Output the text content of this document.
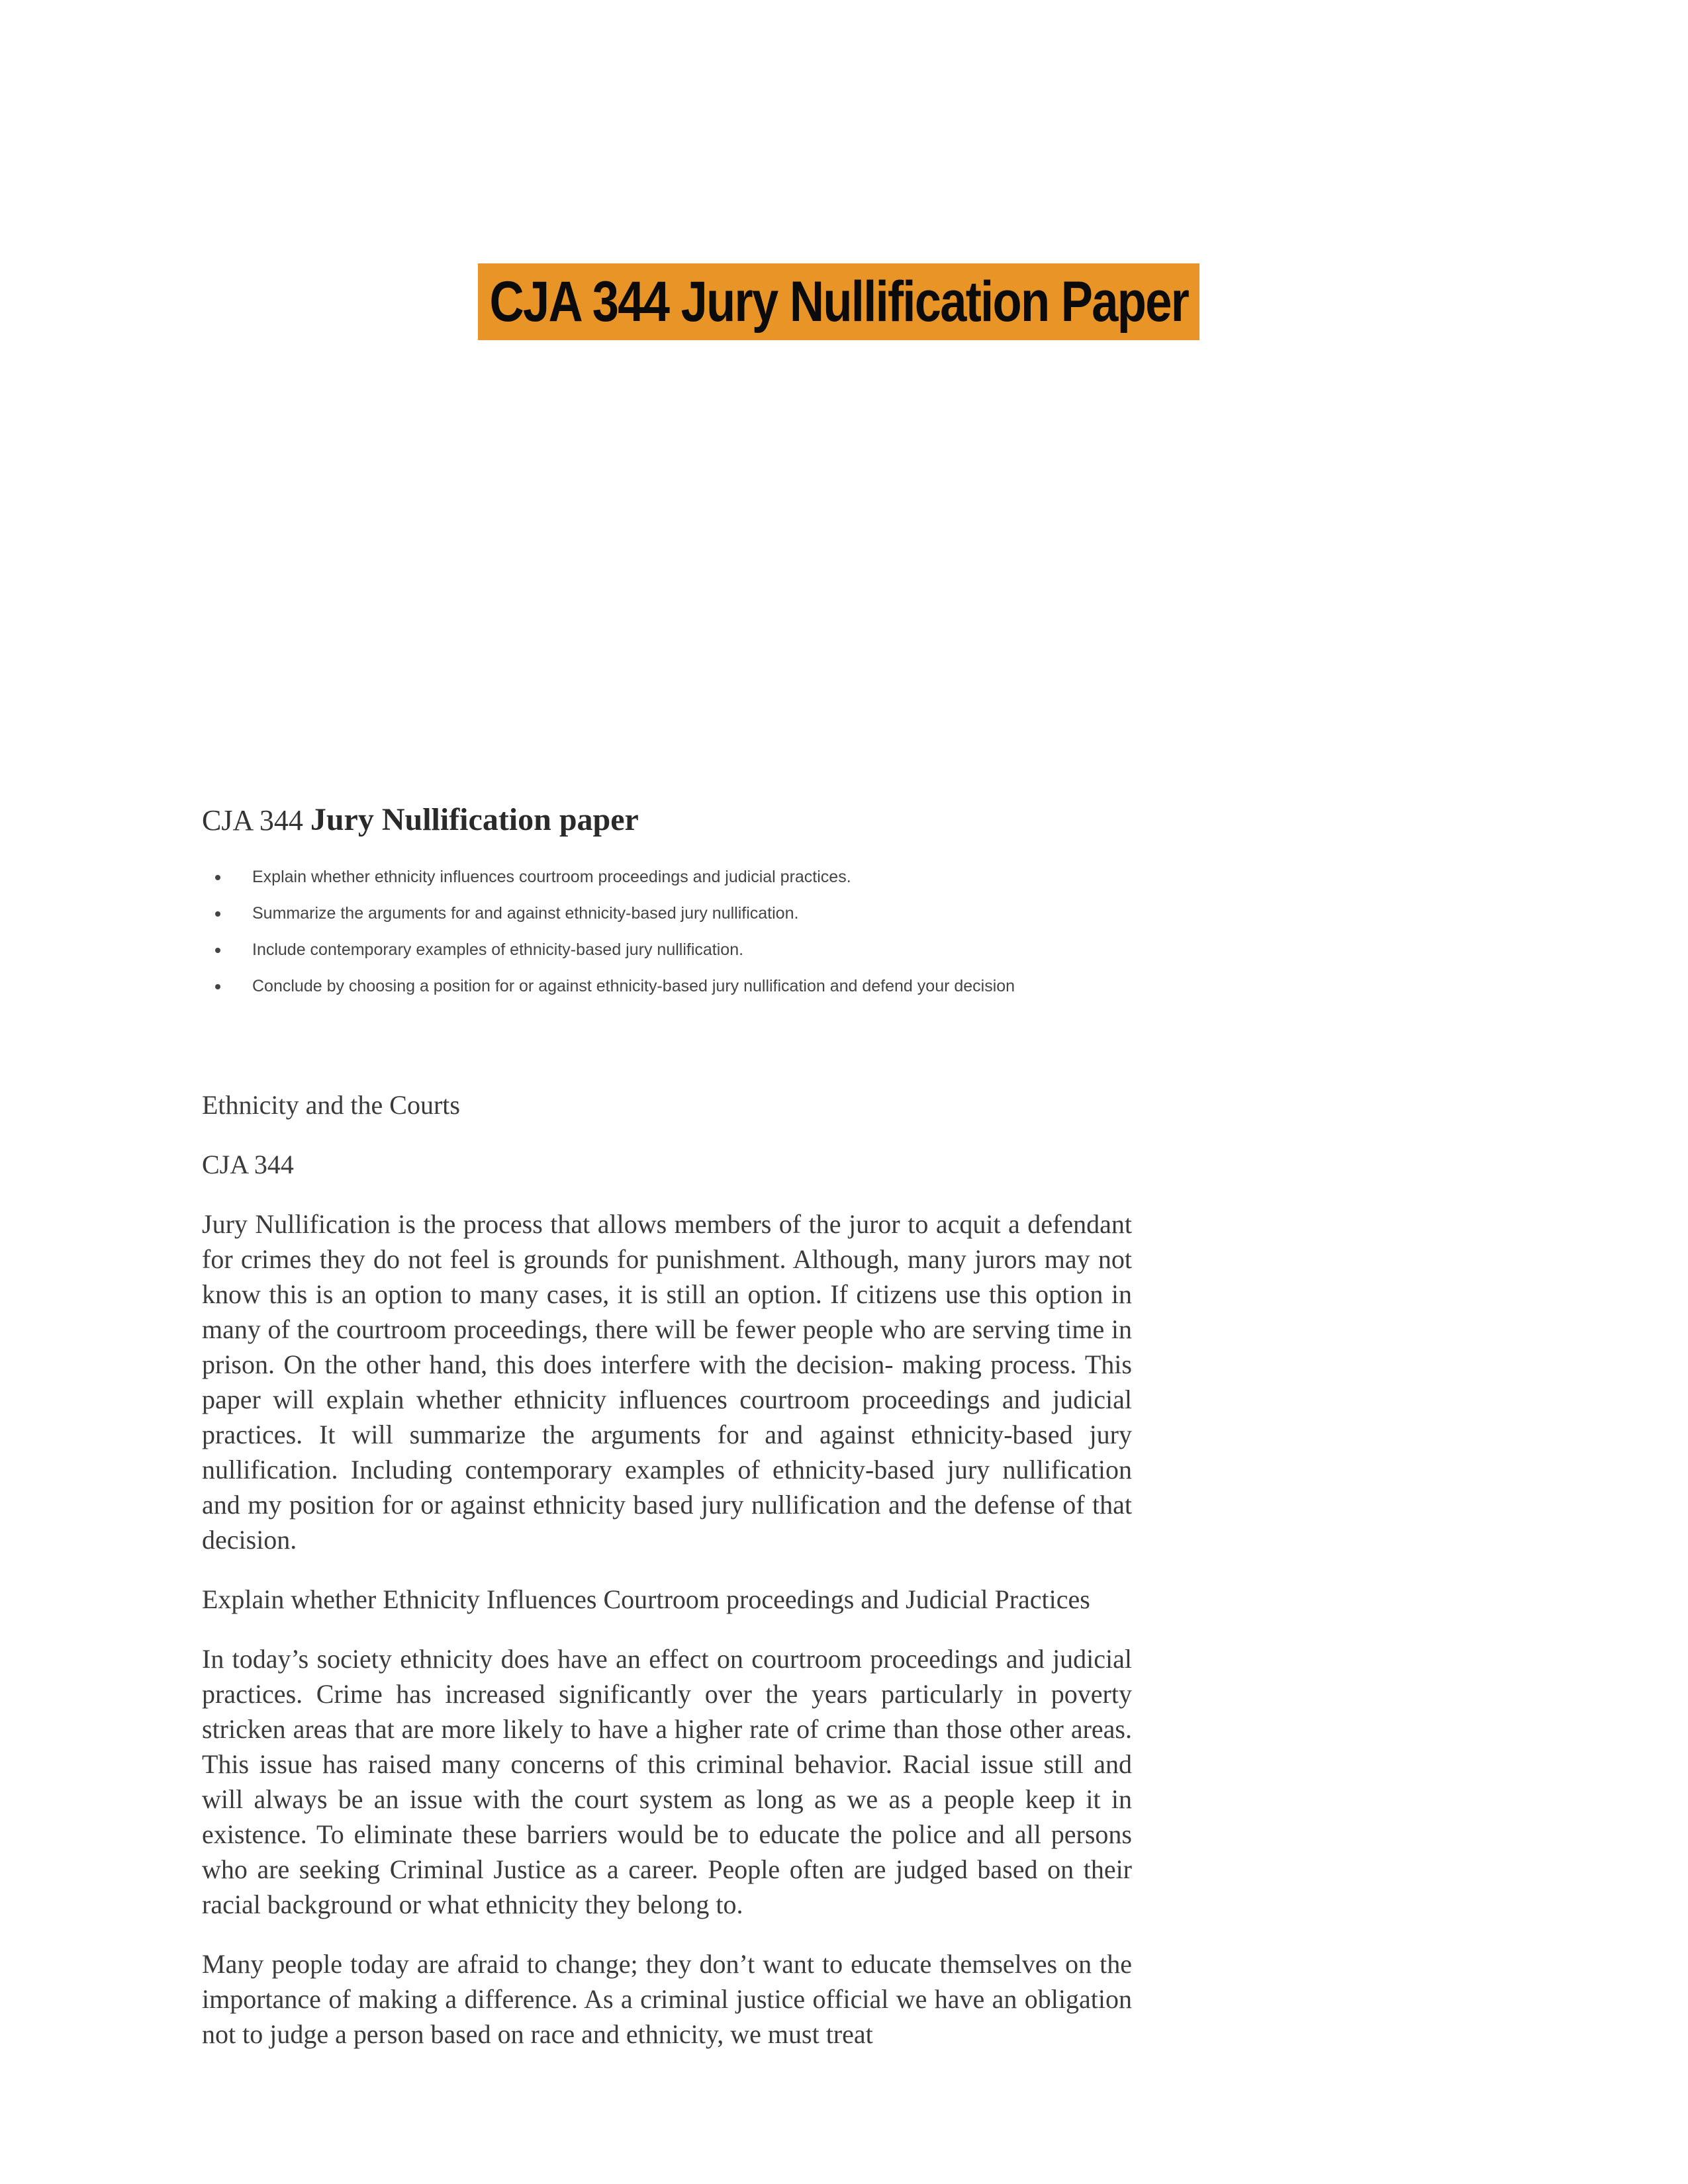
CJA 344 Jury Nullification Paper
CJA 344 Jury Nullification paper
Explain whether ethnicity influences courtroom proceedings and judicial practices.
Summarize the arguments for and against ethnicity-based jury nullification.
Include contemporary examples of ethnicity-based jury nullification.
Conclude by choosing a position for or against ethnicity-based jury nullification and defend your decision

Ethnicity and the Courts

CJA 344

Jury Nullification is the process that allows members of the juror to acquit a defendant for crimes they do not feel is grounds for punishment. Although, many jurors may not know this is an option to many cases, it is still an option. If citizens use this option in many of the courtroom proceedings, there will be fewer people who are serving time in prison. On the other hand, this does interfere with the decision- making process. This paper will explain whether ethnicity influences courtroom proceedings and judicial practices. It will summarize the arguments for and against ethnicity-based jury nullification. Including contemporary examples of ethnicity-based jury nullification and my position for or against ethnicity based jury nullification and the defense of that decision.

Explain whether Ethnicity Influences Courtroom proceedings and Judicial Practices

In today’s society ethnicity does have an effect on courtroom proceedings and judicial practices. Crime has increased significantly over the years particularly in poverty stricken areas that are more likely to have a higher rate of crime than those other areas. This issue has raised many concerns of this criminal behavior. Racial issue still and will always be an issue with the court system as long as we as a people keep it in existence. To eliminate these barriers would be to educate the police and all persons who are seeking Criminal Justice as a career. People often are judged based on their racial background or what ethnicity they belong to.

Many people today are afraid to change; they don’t want to educate themselves on the importance of making a difference. As a criminal justice official we have an obligation not to judge a person based on race and ethnicity, we must treat
